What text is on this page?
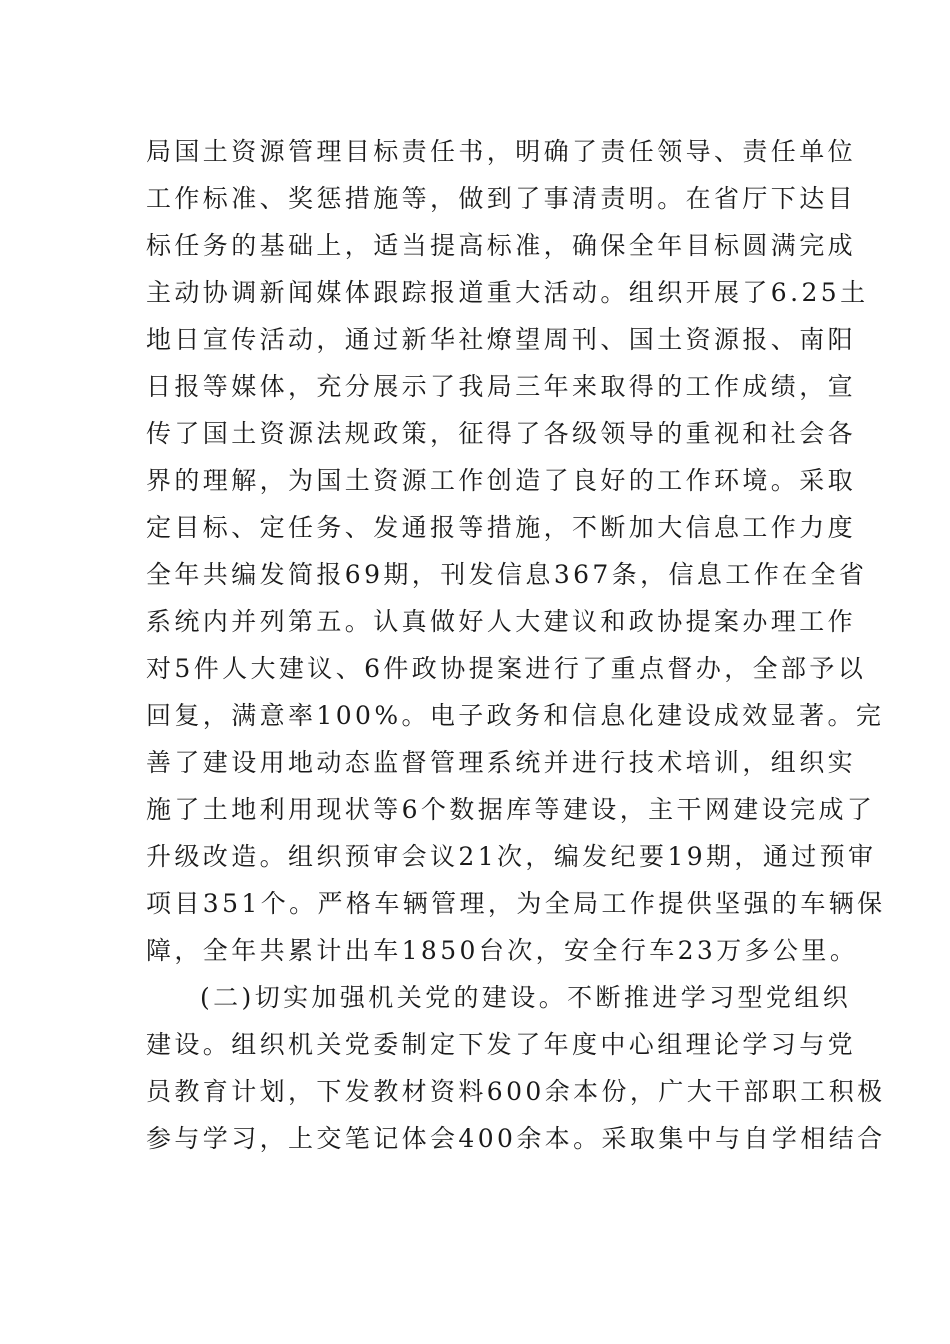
局国土资源管理目标责任书，明确了责任领导、责任单位
工作标准、奖惩措施等，做到了事清责明。在省厅下达目
标任务的基础上，适当提高标准，确保全年目标圆满完成
主动协调新闻媒体跟踪报道重大活动。组织开展了6.25土
地日宣传活动，通过新华社燎望周刊、国土资源报、南阳
日报等媒体，充分展示了我局三年来取得的工作成绩，宣
传了国土资源法规政策，征得了各级领导的重视和社会各
界的理解，为国土资源工作创造了良好的工作环境。采取
定目标、定任务、发通报等措施，不断加大信息工作力度
全年共编发简报69期，刊发信息367条，信息工作在全省
系统内并列第五。认真做好人大建议和政协提案办理工作
对5件人大建议、6件政协提案进行了重点督办，全部予以
回复，满意率100%。电子政务和信息化建设成效显著。完
善了建设用地动态监督管理系统并进行技术培训，组织实
施了土地利用现状等6个数据库等建设，主干网建设完成了
升级改造。组织预审会议21次，编发纪要19期，通过预审
项目351个。严格车辆管理，为全局工作提供坚强的车辆保
障，全年共累计出车1850台次，安全行车23万多公里。
(二)切实加强机关党的建设。不断推进学习型党组织
建设。组织机关党委制定下发了年度中心组理论学习与党
员教育计划，下发教材资料600余本份，广大干部职工积极
参与学习，上交笔记体会400余本。采取集中与自学相结合
